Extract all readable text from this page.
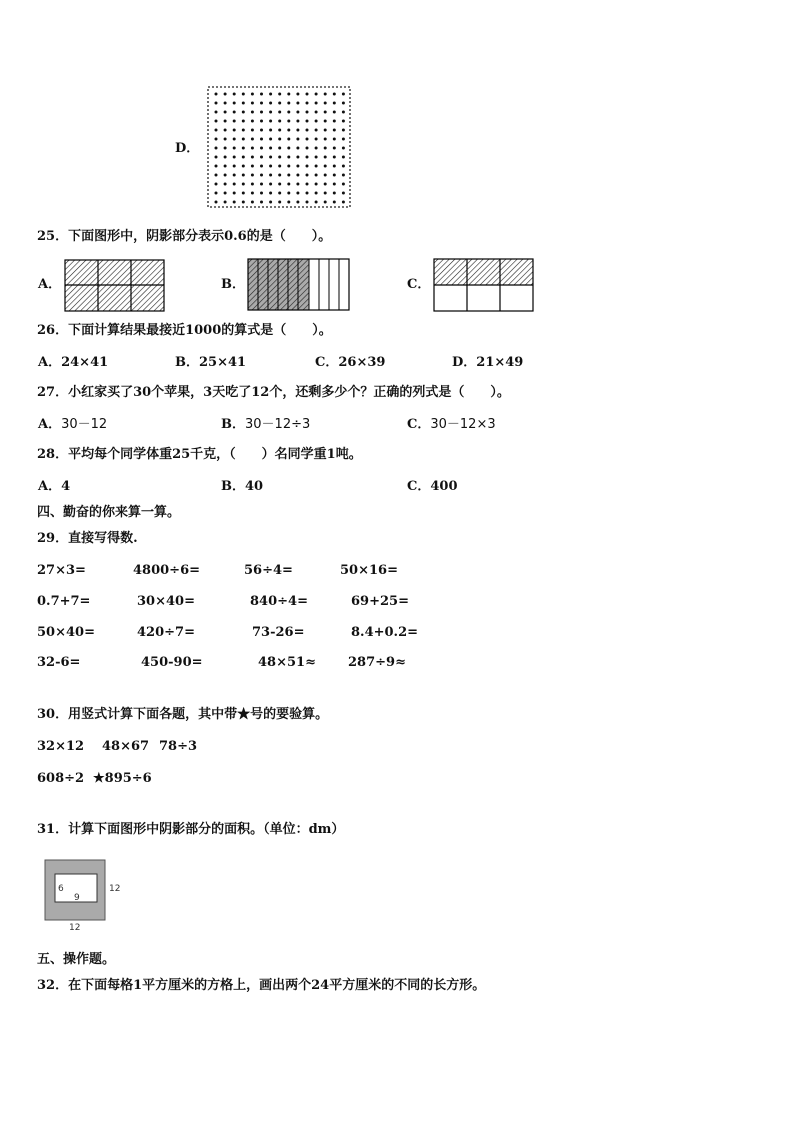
D．
25．下面图形中，阴影部分表示0.6的是（　　）。
A．	B．	C．
26．下面计算结果最接近1000的算式是（　　）。
A．24×41	B．25×41	C．26×39	D．21×49
27．小红家买了30个苹果，3天吃了12个，还剩多少个？正确的列式是（　　）。
A．30－12	B．30－12÷3	C．30－12×3
28．平均每个同学体重25千克，（　　）名同学重1吨。
A．4	B．40	C．400
四、勤奋的你来算一算。
29．直接写得数.
27×3=	4800÷6=	56÷4=	50×16=
0.7+7=	30×40=	840÷4=	69+25=
50×40=	420÷7=	73-26=	8.4+0.2=
32-6=	450-90=	48×51≈ 287÷9≈
30．用竖式计算下面各题，其中带★号的要验算。
32×12 48×67 78÷3
608÷2 ★895÷6
31．计算下面图形中阴影部分的面积。（单位：dm）
6
9
12
12
五、操作题。
32．在下面每格1平方厘米的方格上，画出两个24平方厘米的不同的长方形。
